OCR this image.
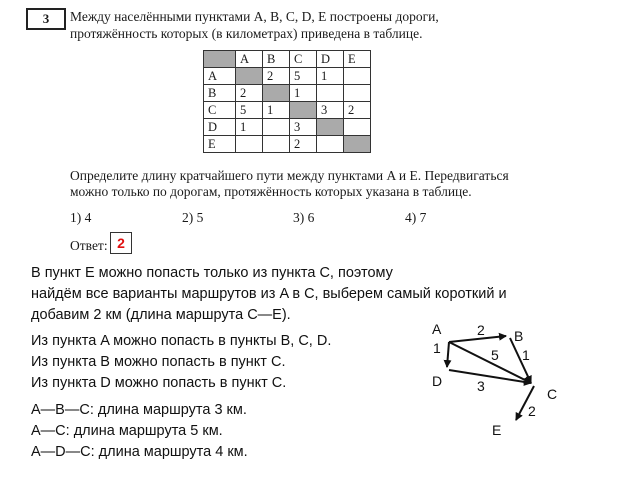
3	Между населёнными пунктами A, B, C, D, E построены дороги,
протяжённость которых (в километрах) приведена в таблице.
	A	B	C	D	E
A		2	5	1	
B	2		1		
C	5	1		3	2
D	1		3		
E			2		
Определите длину кратчайшего пути между пунктами A и E. Передвигаться
можно только по дорогам, протяжённость которых указана в таблице.
1) 4	2) 5	3) 6	4) 7
Ответ: 2
В пункт E можно попасть только из пункта C, поэтому
найдём все варианты маршрутов из A в C, выберем самый короткий и
добавим 2 км (длина маршрута C—E).
Из пункта A можно попасть в пункты B, C, D.
Из пункта B можно попасть в пункт C.
Из пункта D можно попасть в пункт C.
A—B—C: длина маршрута 3 км.
A—C: длина маршрута 5 км.
A—D—C: длина маршрута 4 км.
A	B
D
C
E
2
1	5 1
3
2
